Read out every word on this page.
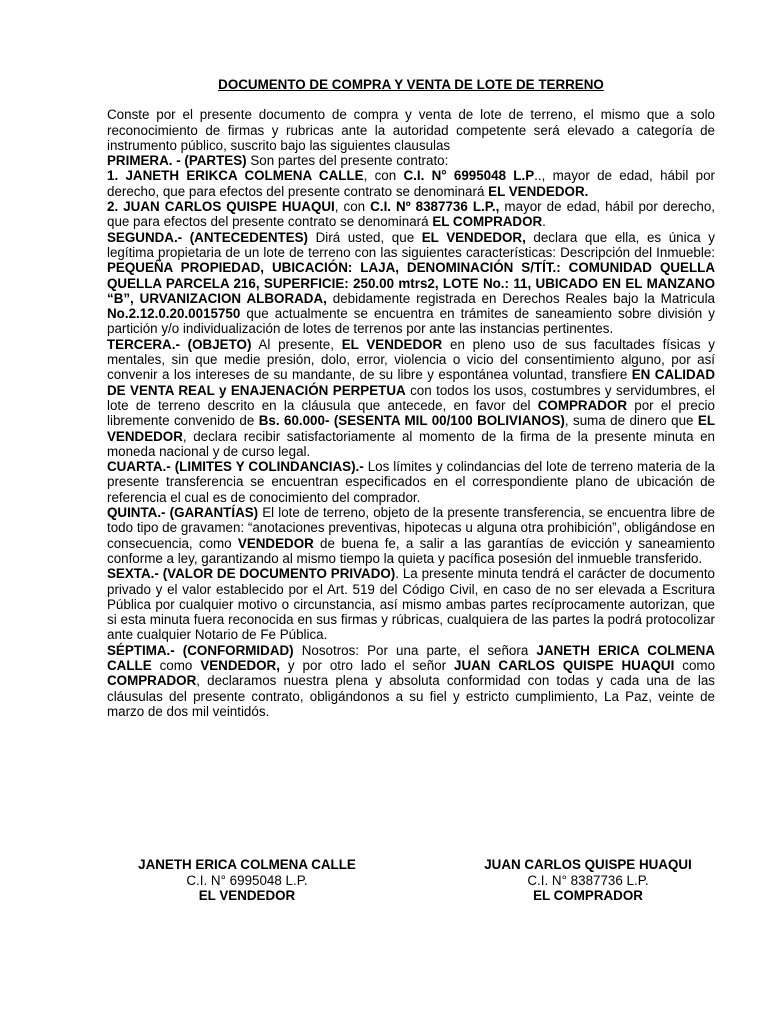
DOCUMENTO DE COMPRA Y VENTA DE LOTE DE TERRENO

Conste por el presente documento de compra y venta de lote de terreno, el mismo que a solo reconocimiento de firmas y rubricas ante la autoridad competente será elevado a categoría de instrumento público, suscrito bajo las siguientes clausulas

PRIMERA. - (PARTES) Son partes del presente contrato:

1. JANETH ERIKCA COLMENA CALLE, con C.I. N° 6995048 L.P.., mayor de edad, hábil por derecho, que para efectos del presente contrato se denominará EL VENDEDOR.

2. JUAN CARLOS QUISPE HUAQUI, con C.I. Nº 8387736 L.P., mayor de edad, hábil por derecho, que para efectos del presente contrato se denominará EL COMPRADOR.

SEGUNDA.- (ANTECEDENTES) Dirá usted, que EL VENDEDOR, declara que ella, es única y legítima propietaria de un lote de terreno con las siguientes características: Descripción del Inmueble: PEQUEÑA PROPIEDAD, UBICACIÓN: LAJA, DENOMINACIÓN S/TÍT.: COMUNIDAD QUELLA QUELLA PARCELA 216, SUPERFICIE: 250.00 mtrs2, LOTE No.: 11, UBICADO EN EL MANZANO “B”, URVANIZACION ALBORADA, debidamente registrada en Derechos Reales bajo la Matricula No.2.12.0.20.0015750 que actualmente se encuentra en trámites de saneamiento sobre división y partición y/o individualización de lotes de terrenos por ante las instancias pertinentes.

TERCERA.- (OBJETO) Al presente, EL VENDEDOR en pleno uso de sus facultades físicas y mentales, sin que medie presión, dolo, error, violencia o vicio del consentimiento alguno, por así convenir a los intereses de su mandante, de su libre y espontánea voluntad, transfiere EN CALIDAD DE VENTA REAL y ENAJENACIÓN PERPETUA con todos los usos, costumbres y servidumbres, el lote de terreno descrito en la cláusula que antecede, en favor del COMPRADOR por el precio libremente convenido de Bs. 60.000- (SESENTA MIL 00/100 BOLIVIANOS), suma de dinero que EL VENDEDOR, declara recibir satisfactoriamente al momento de la firma de la presente minuta en moneda nacional y de curso legal.

CUARTA.- (LIMITES Y COLINDANCIAS).- Los límites y colindancias del lote de terreno materia de la presente transferencia se encuentran especificados en el correspondiente plano de ubicación de referencia el cual es de conocimiento del comprador.

QUINTA.- (GARANTÍAS) El lote de terreno, objeto de la presente transferencia, se encuentra libre de todo tipo de gravamen: “anotaciones preventivas, hipotecas u alguna otra prohibición”, obligándose en consecuencia, como VENDEDOR de buena fe, a salir a las garantías de evicción y saneamiento conforme a ley, garantizando al mismo tiempo la quieta y pacífica posesión del inmueble transferido.

SEXTA.- (VALOR DE DOCUMENTO PRIVADO). La presente minuta tendrá el carácter de documento privado y el valor establecido por el Art. 519 del Código Civil, en caso de no ser elevada a Escritura Pública por cualquier motivo o circunstancia, así mismo ambas partes recíprocamente autorizan, que si esta minuta fuera reconocida en sus firmas y rúbricas, cualquiera de las partes la podrá protocolizar ante cualquier Notario de Fe Pública.

SÉPTIMA.- (CONFORMIDAD) Nosotros: Por una parte, el señora JANETH ERICA COLMENA CALLE como VENDEDOR, y por otro lado el señor JUAN CARLOS QUISPE HUAQUI como COMPRADOR, declaramos nuestra plena y absoluta conformidad con todas y cada una de las cláusulas del presente contrato, obligándonos a su fiel y estricto cumplimiento, La Paz, veinte de marzo de dos mil veintidós.

JANETH ERICA COLMENA CALLE
C.I. N° 6995048 L.P.
EL VENDEDOR
JUAN CARLOS QUISPE HUAQUI
C.I. N° 8387736 L.P.
EL COMPRADOR
